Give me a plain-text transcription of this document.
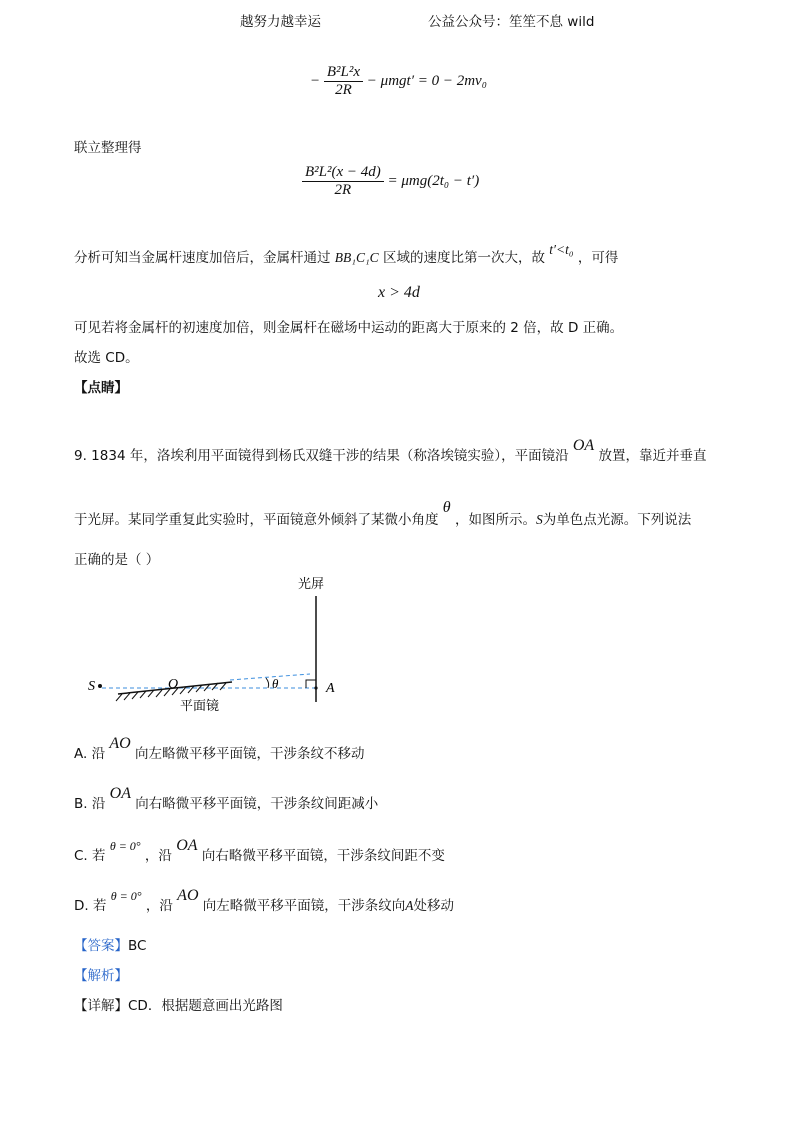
越努力越幸运	公益公众号：笙笙不息 wild
− $\frac{\text{B²L²x}}{2R} - \mu mgt' = 0 - 2mv_0$
联立整理得
$\frac{\text{B²L²(x − 4d)}}{2R} = \mu mg(2t_0 - t')$
分析可知当金属杆速度加倍后，金属杆通过 BB₁C₁C 区域的速度比第一次大，故 t′<t₀ ，可得
x > 4d
可见若将金属杆的初速度加倍，则金属杆在磁场中运动的距离大于原来的 2 倍，故 D 正确。
故选 CD。
【点睛】
9. 1834 年，洛埃利用平面镜得到杨氏双缝干涉的结果（称洛埃镜实验），平面镜沿 OA 放置，靠近并垂直
于光屏。某同学重复此实验时，平面镜意外倾斜了某微小角度 θ ，如图所示。S为单色点光源。下列说法
正确的是（ ）
光屏
平面镜
S	O	θ	A
A. 沿 AO 向左略微平移平面镜，干涉条纹不移动
B. 沿 OA 向右略微平移平面镜，干涉条纹间距减小
C. 若 θ = 0° ，沿 OA 向右略微平移平面镜，干涉条纹间距不变
D. 若 θ = 0° ，沿 AO 向左略微平移平面镜，干涉条纹向A处移动
【答案】BC
【解析】
【详解】CD．根据题意画出光路图
